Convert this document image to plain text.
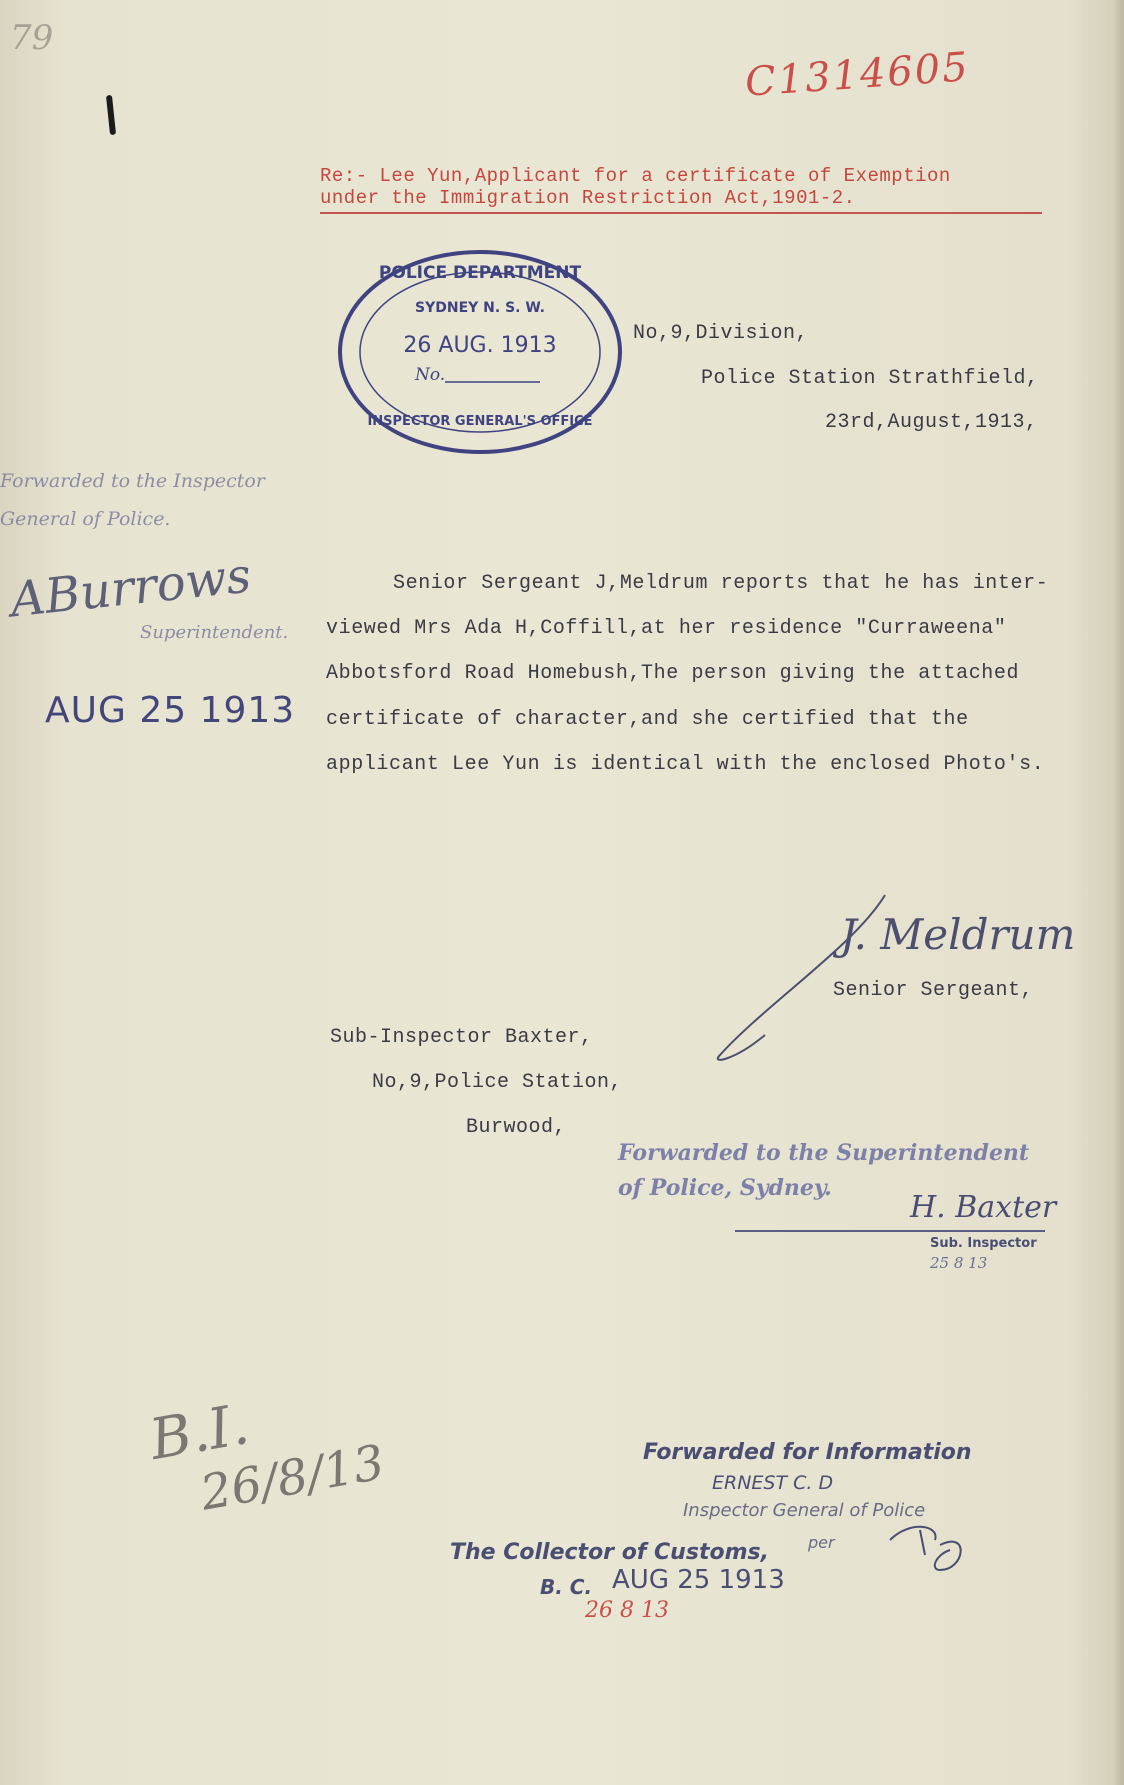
79
C1314605
Re:- Lee Yun,Applicant for a certificate of Exemption
under the Immigration Restriction Act,1901-2.
POLICE DEPARTMENT
SYDNEY N. S. W.
26 AUG. 1913
No.
INSPECTOR GENERAL'S OFFICE
No,9,Division,
Police Station Strathfield,
23rd,August,1913,
Forwarded to the Inspector
General of Police.
ABurrows
Superintendent.
AUG 25 1913
Senior Sergeant J,Meldrum reports that he has inter-
viewed Mrs Ada H,Coffill,at her residence "Curraweena"
Abbotsford Road Homebush,The person giving the attached
certificate of character,and she certified that the
applicant Lee Yun is identical with the enclosed Photo's.
J. Meldrum
Senior Sergeant,
Sub-Inspector Baxter,
No,9,Police Station,
Burwood,
Forwarded to the Superintendent
of Police, Sydney.
H. Baxter
Sub. Inspector
25 8 13
B.I.
26/8/13	Forwarded for Information
ERNEST C. D
Inspector General of Police
per
The Collector of Customs,
B. C. AUG 25 1913
26 8 13
